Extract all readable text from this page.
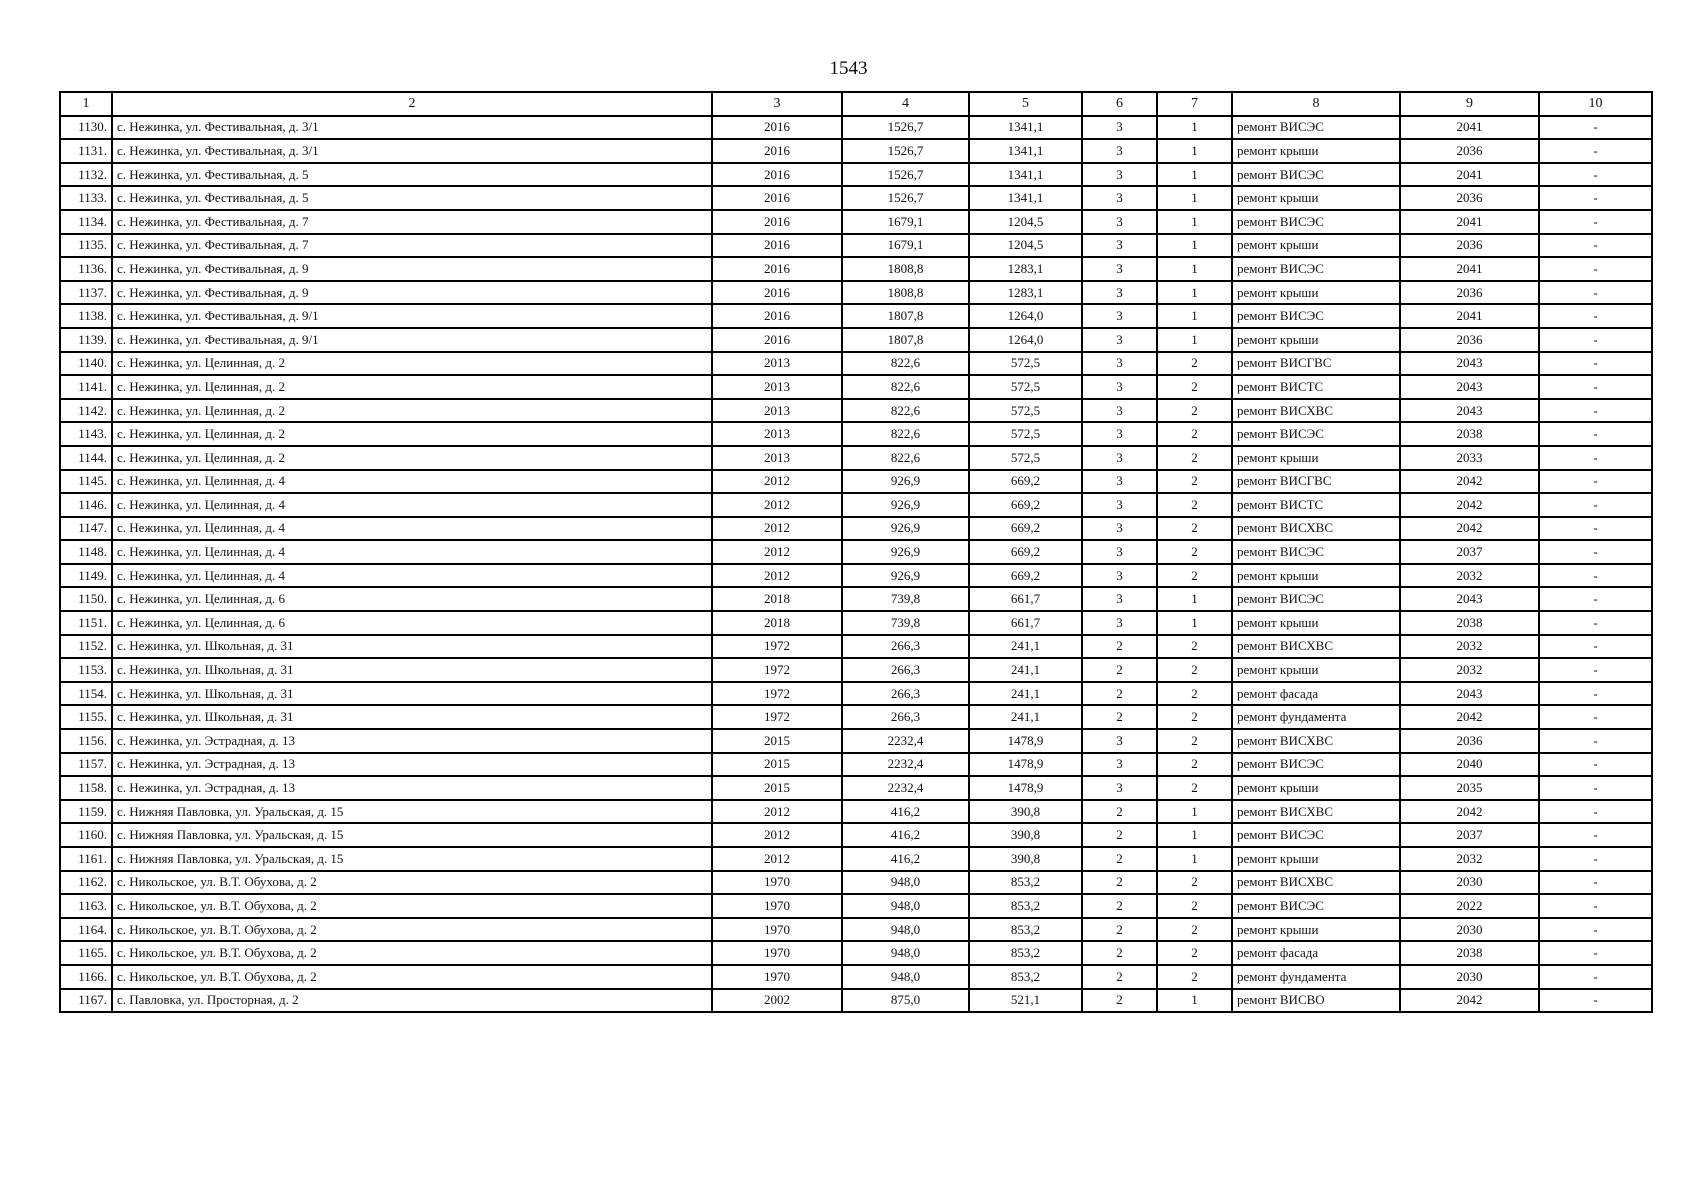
1543
1	2	3	4	5	6	7	8	9	10
1130.	с. Нежинка, ул. Фестивальная, д. 3/1	2016	1526,7	1341,1	3	1	ремонт ВИСЭС	2041	-
1131.	с. Нежинка, ул. Фестивальная, д. 3/1	2016	1526,7	1341,1	3	1	ремонт крыши	2036	-
1132.	с. Нежинка, ул. Фестивальная, д. 5	2016	1526,7	1341,1	3	1	ремонт ВИСЭС	2041	-
1133.	с. Нежинка, ул. Фестивальная, д. 5	2016	1526,7	1341,1	3	1	ремонт крыши	2036	-
1134.	с. Нежинка, ул. Фестивальная, д. 7	2016	1679,1	1204,5	3	1	ремонт ВИСЭС	2041	-
1135.	с. Нежинка, ул. Фестивальная, д. 7	2016	1679,1	1204,5	3	1	ремонт крыши	2036	-
1136.	с. Нежинка, ул. Фестивальная, д. 9	2016	1808,8	1283,1	3	1	ремонт ВИСЭС	2041	-
1137.	с. Нежинка, ул. Фестивальная, д. 9	2016	1808,8	1283,1	3	1	ремонт крыши	2036	-
1138.	с. Нежинка, ул. Фестивальная, д. 9/1	2016	1807,8	1264,0	3	1	ремонт ВИСЭС	2041	-
1139.	с. Нежинка, ул. Фестивальная, д. 9/1	2016	1807,8	1264,0	3	1	ремонт крыши	2036	-
1140.	с. Нежинка, ул. Целинная, д. 2	2013	822,6	572,5	3	2	ремонт ВИСГВС	2043	-
1141.	с. Нежинка, ул. Целинная, д. 2	2013	822,6	572,5	3	2	ремонт ВИСТС	2043	-
1142.	с. Нежинка, ул. Целинная, д. 2	2013	822,6	572,5	3	2	ремонт ВИСХВС	2043	-
1143.	с. Нежинка, ул. Целинная, д. 2	2013	822,6	572,5	3	2	ремонт ВИСЭС	2038	-
1144.	с. Нежинка, ул. Целинная, д. 2	2013	822,6	572,5	3	2	ремонт крыши	2033	-
1145.	с. Нежинка, ул. Целинная, д. 4	2012	926,9	669,2	3	2	ремонт ВИСГВС	2042	-
1146.	с. Нежинка, ул. Целинная, д. 4	2012	926,9	669,2	3	2	ремонт ВИСТС	2042	-
1147.	с. Нежинка, ул. Целинная, д. 4	2012	926,9	669,2	3	2	ремонт ВИСХВС	2042	-
1148.	с. Нежинка, ул. Целинная, д. 4	2012	926,9	669,2	3	2	ремонт ВИСЭС	2037	-
1149.	с. Нежинка, ул. Целинная, д. 4	2012	926,9	669,2	3	2	ремонт крыши	2032	-
1150.	с. Нежинка, ул. Целинная, д. 6	2018	739,8	661,7	3	1	ремонт ВИСЭС	2043	-
1151.	с. Нежинка, ул. Целинная, д. 6	2018	739,8	661,7	3	1	ремонт крыши	2038	-
1152.	с. Нежинка, ул. Школьная, д. 31	1972	266,3	241,1	2	2	ремонт ВИСХВС	2032	-
1153.	с. Нежинка, ул. Школьная, д. 31	1972	266,3	241,1	2	2	ремонт крыши	2032	-
1154.	с. Нежинка, ул. Школьная, д. 31	1972	266,3	241,1	2	2	ремонт фасада	2043	-
1155.	с. Нежинка, ул. Школьная, д. 31	1972	266,3	241,1	2	2	ремонт фундамента	2042	-
1156.	с. Нежинка, ул. Эстрадная, д. 13	2015	2232,4	1478,9	3	2	ремонт ВИСХВС	2036	-
1157.	с. Нежинка, ул. Эстрадная, д. 13	2015	2232,4	1478,9	3	2	ремонт ВИСЭС	2040	-
1158.	с. Нежинка, ул. Эстрадная, д. 13	2015	2232,4	1478,9	3	2	ремонт крыши	2035	-
1159.	с. Нижняя Павловка, ул. Уральская, д. 15	2012	416,2	390,8	2	1	ремонт ВИСХВС	2042	-
1160.	с. Нижняя Павловка, ул. Уральская, д. 15	2012	416,2	390,8	2	1	ремонт ВИСЭС	2037	-
1161.	с. Нижняя Павловка, ул. Уральская, д. 15	2012	416,2	390,8	2	1	ремонт крыши	2032	-
1162.	с. Никольское, ул. В.Т. Обухова, д. 2	1970	948,0	853,2	2	2	ремонт ВИСХВС	2030	-
1163.	с. Никольское, ул. В.Т. Обухова, д. 2	1970	948,0	853,2	2	2	ремонт ВИСЭС	2022	-
1164.	с. Никольское, ул. В.Т. Обухова, д. 2	1970	948,0	853,2	2	2	ремонт крыши	2030	-
1165.	с. Никольское, ул. В.Т. Обухова, д. 2	1970	948,0	853,2	2	2	ремонт фасада	2038	-
1166.	с. Никольское, ул. В.Т. Обухова, д. 2	1970	948,0	853,2	2	2	ремонт фундамента	2030	-
1167.	с. Павловка, ул. Просторная, д. 2	2002	875,0	521,1	2	1	ремонт ВИСВО	2042	-
